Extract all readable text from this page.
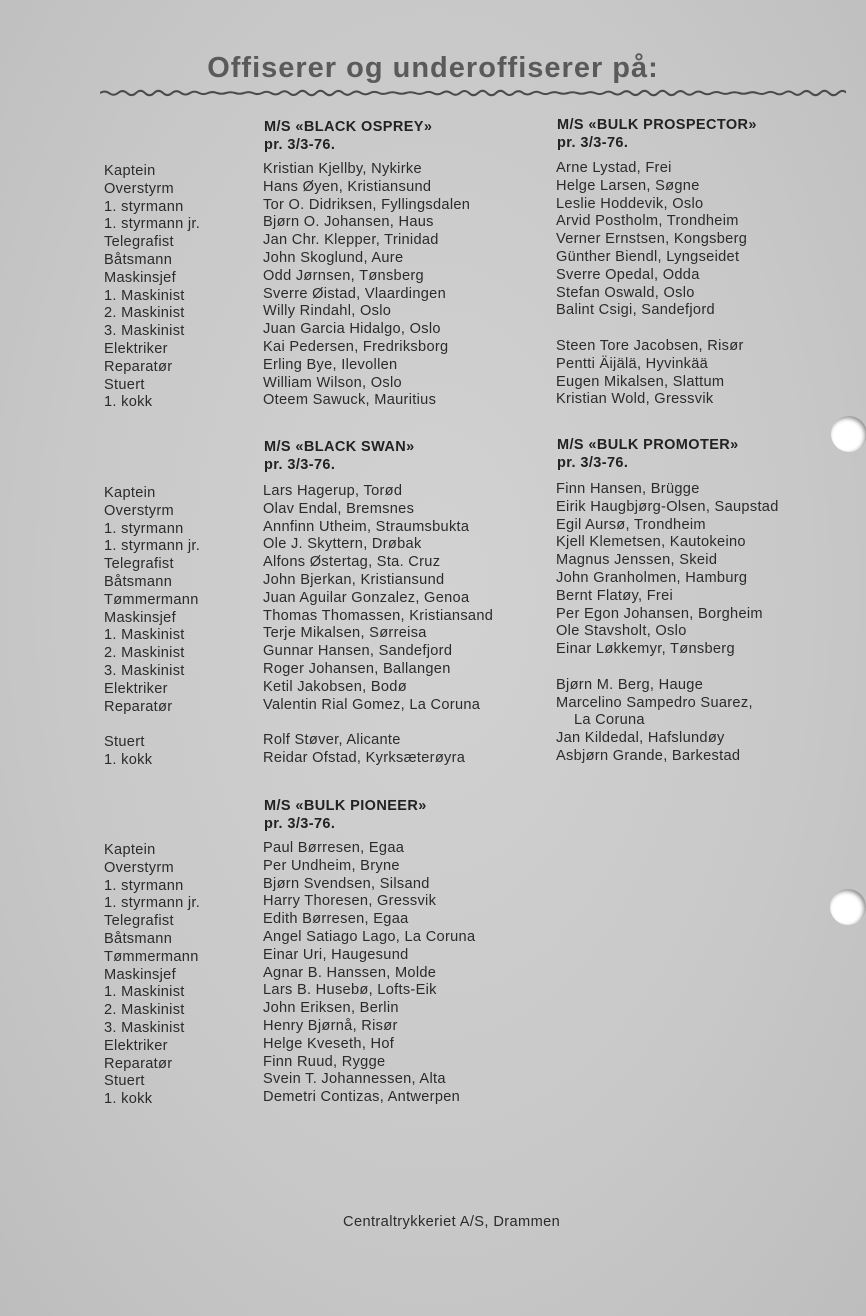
Offiserer og underoffiserer på:
M/S «BLACK OSPREY»
pr. 3/3-76.
Kaptein
Overstyrm
1. styrmann
1. styrmann jr.
Telegrafist
Båtsmann
Maskinsjef
1. Maskinist
2. Maskinist
3. Maskinist
Elektriker
Reparatør
Stuert
1. kokk
Kristian Kjellby, Nykirke
Hans Øyen, Kristiansund
Tor O. Didriksen, Fyllingsdalen
Bjørn O. Johansen, Haus
Jan Chr. Klepper, Trinidad
John Skoglund, Aure
Odd Jørnsen, Tønsberg
Sverre Øistad, Vlaardingen
Willy Rindahl, Oslo
Juan Garcia Hidalgo, Oslo
Kai Pedersen, Fredriksborg
Erling Bye, Ilevollen
William Wilson, Oslo
Oteem Sawuck, Mauritius
M/S «BULK PROSPECTOR»
pr. 3/3-76.
Arne Lystad, Frei
Helge Larsen, Søgne
Leslie Hoddevik, Oslo
Arvid Postholm, Trondheim
Verner Ernstsen, Kongsberg
Günther Biendl, Lyngseidet
Sverre Opedal, Odda
Stefan Oswald, Oslo
Balint Csigi, Sandefjord
Steen Tore Jacobsen, Risør
Pentti Äijälä, Hyvinkää
Eugen Mikalsen, Slattum
Kristian Wold, Gressvik
M/S «BLACK SWAN»
pr. 3/3-76.
Kaptein
Overstyrm
1. styrmann
1. styrmann jr.
Telegrafist
Båtsmann
Tømmermann
Maskinsjef
1. Maskinist
2. Maskinist
3. Maskinist
Elektriker
Reparatør
Stuert
1. kokk
Lars Hagerup, Torød
Olav Endal, Bremsnes
Annfinn Utheim, Straumsbukta
Ole J. Skyttern, Drøbak
Alfons Østertag, Sta. Cruz
John Bjerkan, Kristiansund
Juan Aguilar Gonzalez, Genoa
Thomas Thomassen, Kristiansand
Terje Mikalsen, Sørreisa
Gunnar Hansen, Sandefjord
Roger Johansen, Ballangen
Ketil Jakobsen, Bodø
Valentin Rial Gomez, La Coruna
Rolf Støver, Alicante
Reidar Ofstad, Kyrksæterøyra
M/S «BULK PROMOTER»
pr. 3/3-76.
Finn Hansen, Brügge
Eirik Haugbjørg-Olsen, Saupstad
Egil Aursø, Trondheim
Kjell Klemetsen, Kautokeino
Magnus Jenssen, Skeid
John Granholmen, Hamburg
Bernt Flatøy, Frei
Per Egon Johansen, Borgheim
Ole Stavsholt, Oslo
Einar Løkkemyr, Tønsberg
Bjørn M. Berg, Hauge
Marcelino Sampedro Suarez,
La Coruna
Jan Kildedal, Hafslundøy
Asbjørn Grande, Barkestad
M/S «BULK PIONEER»
pr. 3/3-76.
Kaptein
Overstyrm
1. styrmann
1. styrmann jr.
Telegrafist
Båtsmann
Tømmermann
Maskinsjef
1. Maskinist
2. Maskinist
3. Maskinist
Elektriker
Reparatør
Stuert
1. kokk
Paul Børresen, Egaa
Per Undheim, Bryne
Bjørn Svendsen, Silsand
Harry Thoresen, Gressvik
Edith Børresen, Egaa
Angel Satiago Lago, La Coruna
Einar Uri, Haugesund
Agnar B. Hanssen, Molde
Lars B. Husebø, Lofts-Eik
John Eriksen, Berlin
Henry Bjørnå, Risør
Helge Kveseth, Hof
Finn Ruud, Rygge
Svein T. Johannessen, Alta
Demetri Contizas, Antwerpen
Centraltrykkeriet A/S, Drammen
